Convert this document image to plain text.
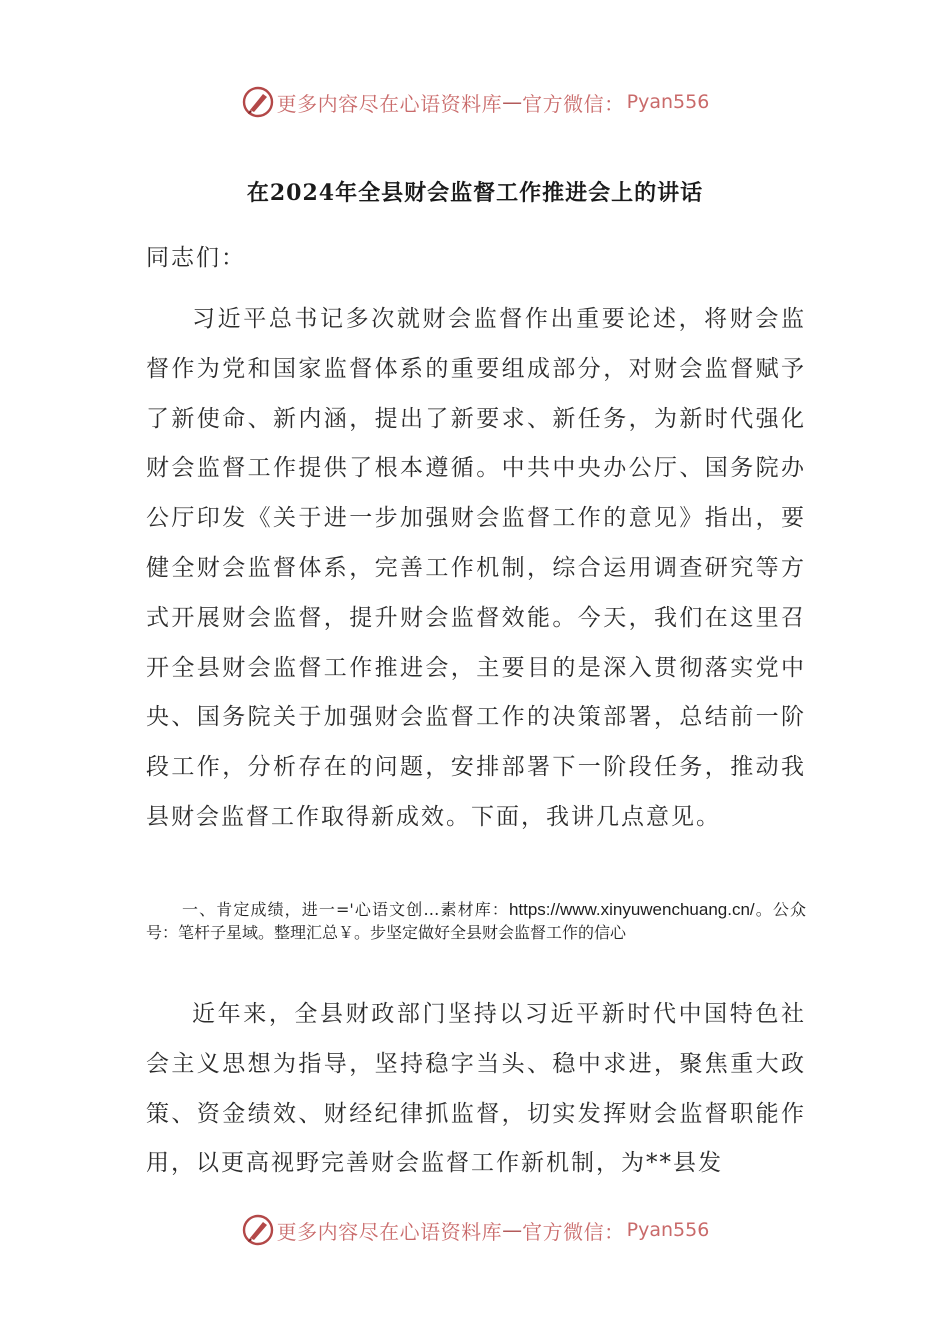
更多内容尽在心语资料库 — 官方微信： Pyan556
在2024年全县财会监督工作推进会上的讲话
同志们：

习近平总书记多次就财会监督作出重要论述，将财会监督作为党和国家监督体系的重要组成部分，对财会监督赋予了新使命、新内涵，提出了新要求、新任务，为新时代强化财会监督工作提供了根本遵循。中共中央办公厅、国务院办公厅印发《关于进一步加强财会监督工作的意见》指出，要健全财会监督体系，完善工作机制，综合运用调查研究等方式开展财会监督，提升财会监督效能。今天，我们在这里召开全县财会监督工作推进会，主要目的是深入贯彻落实党中央、国务院关于加强财会监督工作的决策部署，总结前一阶段工作，分析存在的问题，安排部署下一阶段任务，推动我县财会监督工作取得新成效。下面，我讲几点意见。

一、肯定成绩，进一='心语文创…素材库：https://www.xinyuwenchuang.cn/。公众号：笔杆子星域。整理汇总￥。步坚定做好全县财会监督工作的信心

近年来，全县财政部门坚持以习近平新时代中国特色社会主义思想为指导，坚持稳字当头、稳中求进，聚焦重大政策、资金绩效、财经纪律抓监督，切实发挥财会监督职能作用，以更高视野完善财会监督工作新机制，为**县发

更多内容尽在心语资料库 — 官方微信： Pyan556
